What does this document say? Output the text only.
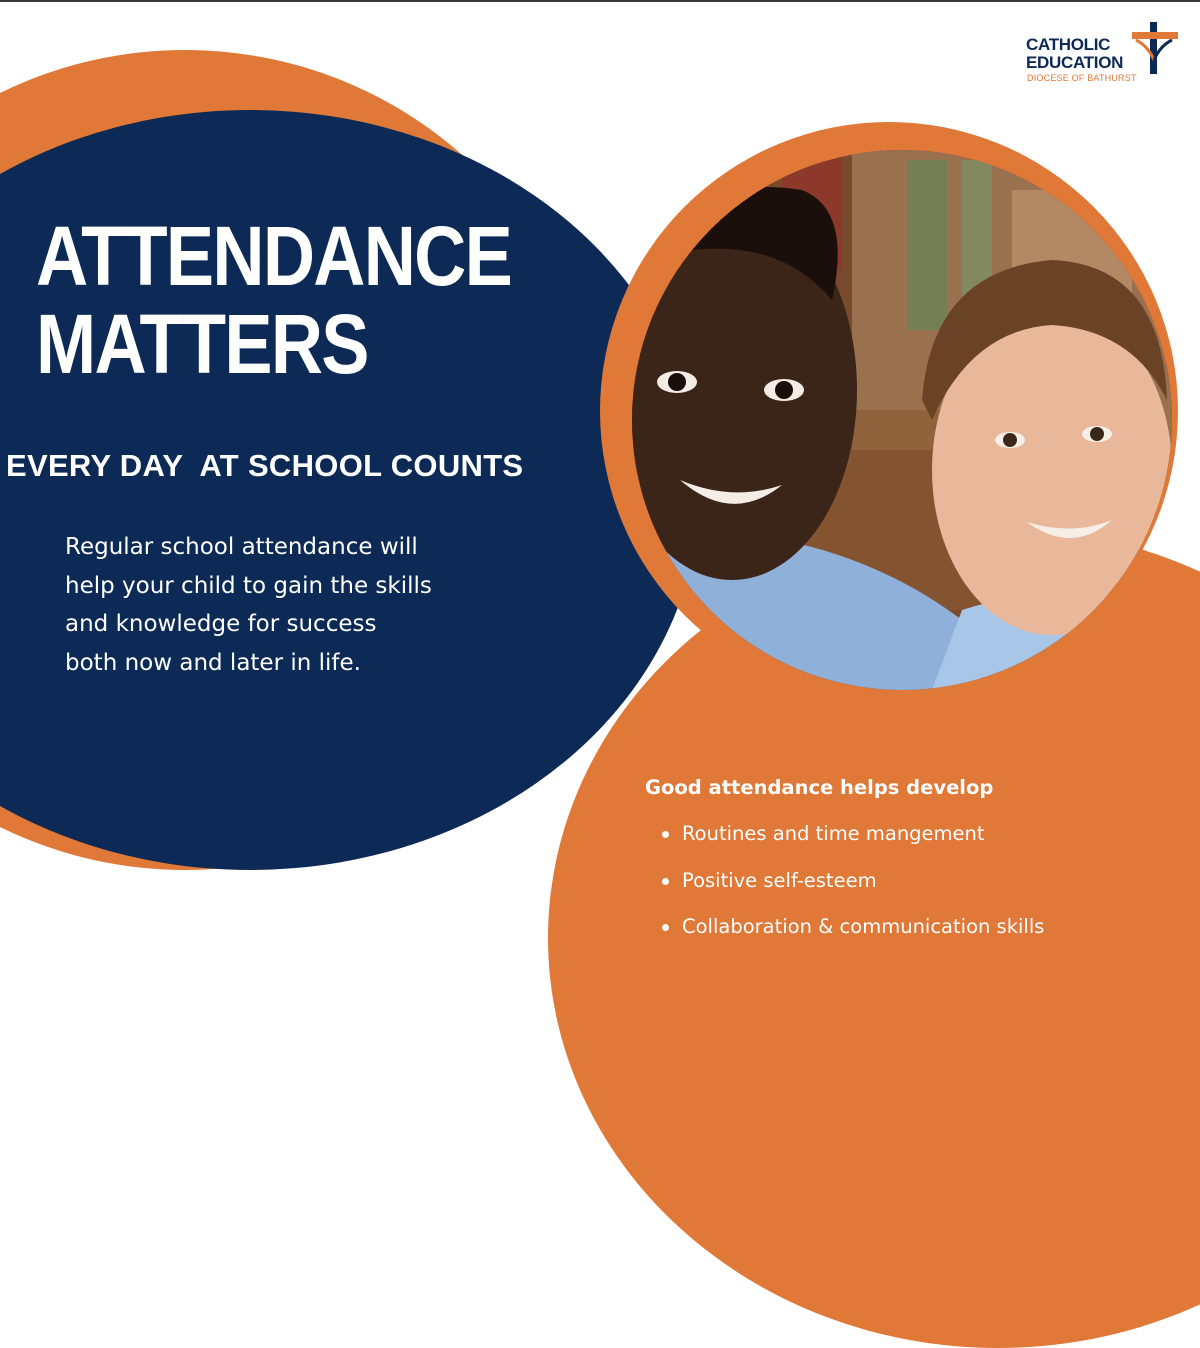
CATHOLIC
EDUCATION
DIOCESE OF BATHURST
ATTENDANCE
MATTERS
EVERY DAY  AT SCHOOL COUNTS

Regular school attendance will
help your child to gain the skills
and knowledge for success
both now and later in life.

Good attendance helps develop
Routines and time mangement
Positive self-esteem
Collaboration & communication skills
